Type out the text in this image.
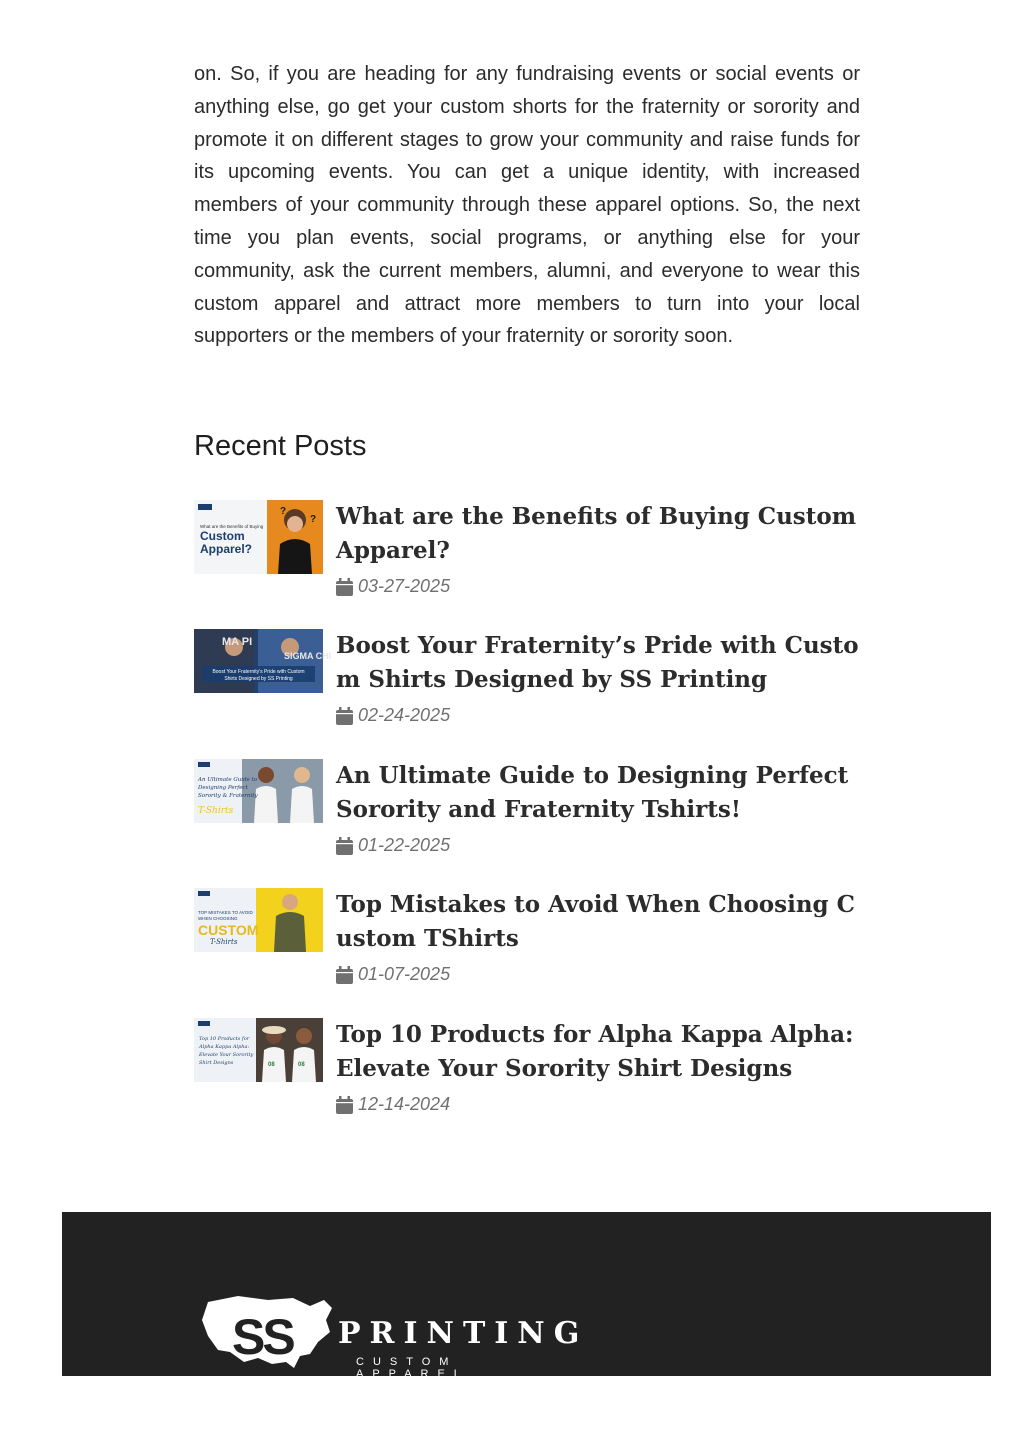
on. So, if you are heading for any fundraising events or social events or anything else, go get your custom shorts for the fraternity or sorority and promote it on different stages to grow your community and raise funds for its upcoming events. You can get a unique identity, with increased members of your community through these apparel options. So, the next time you plan events, social programs, or anything else for your community, ask the current members, alumni, and everyone to wear this custom apparel and attract more members to turn into your local supporters or the members of your fraternity or sorority soon.

Recent Posts
?
?
What are the Benefits of Buying
Custom
Apparel?
What are the Benefits of Buying Custom Apparel?
03-27-2025
MA PI
SIGMA CHI
Boost Your Fraternity's Pride with Custom
Shirts Designed by SS Printing
Boost Your Fraternity’s Pride with Custom Shirts Designed by SS Printing
02-24-2025
An Ultimate Guide to
Designing Perfect
Sorority & Fraternity
T-Shirts
An Ultimate Guide to Designing Perfect Sorority and Fraternity Tshirts!
01-22-2025
TOP MISTAKES TO AVOID
WHEN CHOOSING
CUSTOM
T-Shirts
Top Mistakes to Avoid When Choosing Custom TShirts
01-07-2025
08	08
Top 10 Products for
Alpha Kappa Alpha:
Elevate Your Sorority
Shirt Designs
Top 10 Products for Alpha Kappa Alpha: Elevate Your Sorority Shirt Designs
12-14-2024
SS PRINTING
CUSTOM APPAREL
